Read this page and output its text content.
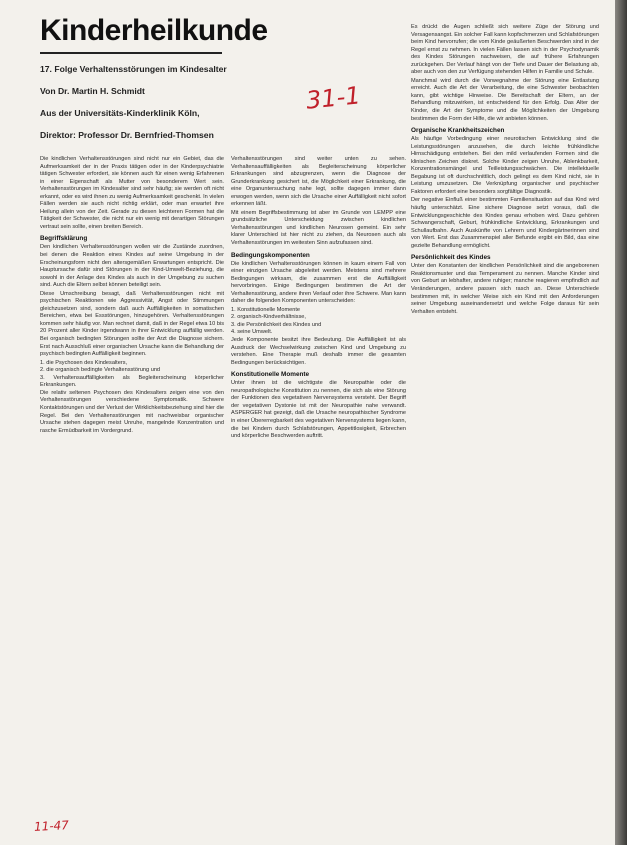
Kinderheilkunde
17. Folge Verhaltensstörungen im Kindesalter
Von Dr. Martin H. Schmidt
Aus der Universitäts-Kinderklinik Köln,
Direktor: Professor Dr. Bernfried-Thomsen
31-1
11-47

Die kindlichen Verhaltensstörungen sind nicht nur ein Gebiet, das die Aufmerksamkeit der in der Praxis tätigen oder in der Kinderpsychiatrie tätigen Schwester erfordert, sie können auch für einen wenig Erfahrenen in einer Eigenschaft als Mutter von besonderem Wert sein. Verhaltensstörungen im Kindesalter sind sehr häufig; sie werden oft nicht erkannt, oder es wird ihnen zu wenig Aufmerksamkeit geschenkt. In vielen Fällen werden sie auch nicht richtig erklärt, oder man erwartet ihre Heilung allein von der Zeit. Gerade zu diesen leichteren Formen hat die Tätigkeit der Schwester, die nicht nur ein wenig mit derartigen Störungen vertraut sein sollte, einen breiten Bereich.

Begriffsklärung

Den kindlichen Verhaltensstörungen wollen wir die Zustände zuordnen, bei denen die Reaktion eines Kindes auf seine Umgebung in der Erscheinungsform nicht den altersgemäßen Erwartungen entspricht. Die Hauptursache dafür sind Störungen in der Kind-Umwelt-Beziehung, die sowohl in der Anlage des Kindes als auch in der Umgebung zu suchen sind. Auch die Eltern selbst können beteiligt sein.

Diese Umschreibung besagt, daß Verhaltensstörungen nicht mit psychischen Reaktionen wie Aggressivität, Angst oder Stimmungen gleichzusetzen sind, sondern daß auch Auffälligkeiten in somatischen Bereichen, etwa bei Essstörungen, hinzugehören. Verhaltensstörungen kommen sehr häufig vor. Man rechnet damit, daß in der Regel etwa 10 bis 20 Prozent aller Kinder irgendwann in ihrer Entwicklung auffällig werden. Bei organisch bedingten Störungen sollte der Arzt die Diagnose sichern. Erst nach Ausschluß einer organischen Ursache kann die Behandlung der psychisch bedingten Auffälligkeit beginnen.

1. die Psychosen des Kindesalters,
2. die organisch bedingte Verhaltensstörung und
3. Verhaltensauffälligkeiten als Begleiterscheinung körperlicher Erkrankungen.

Die relativ seltenen Psychosen des Kindesalters zeigen eine von den Verhaltensstörungen verschiedene Symptomatik. Schwere Kontaktstörungen und der Verlust der Wirklichkeitsbeziehung sind hier die Regel. Bei den Verhaltensstörungen mit nachweisbar organischer Ursache stehen dagegen meist Unruhe, mangelnde Konzentration und rasche Ermüdbarkeit im Vordergrund.

Verhaltensstörungen sind weiter unten zu sehen. Verhaltensauffälligkeiten als Begleiterscheinung körperlicher Erkrankungen sind abzugrenzen, wenn die Diagnose der Grunderkrankung gesichert ist, die Möglichkeit einer Erkrankung, die eine Organuntersuchung nahe legt, sollte dagegen immer dann erwogen werden, wenn sich die Ursache einer Auffälligkeit nicht sofort erkennen läßt.

Mit einem Begriffsbestimmung ist aber im Grunde von LEMPP eine grundsätzliche Unterscheidung zwischen kindlichen Verhaltensstörungen und kindlichen Neurosen gemeint. Ein sehr klarer Unterschied ist hier nicht zu ziehen, da Neurosen auch als Verhaltensstörungen im weitesten Sinn aufzufassen sind.

Bedingungskomponenten

Die kindlichen Verhaltensstörungen können in kaum einem Fall von einer einzigen Ursache abgeleitet werden. Meistens sind mehrere Bedingungen wirksam, die zusammen erst die Auffälligkeit hervorbringen. Einige Bedingungen bestimmen die Art der Verhaltensstörung, andere ihren Verlauf oder ihre Schwere. Man kann daher die folgenden Komponenten unterscheiden:

1. Konstitutionelle Momente
2. organisch-Kindverhältnisse,
3. die Persönlichkeit des Kindes und
4. seine Umwelt.

Jede Komponente besitzt ihre Bedeutung. Die Auffälligkeit ist als Ausdruck der Wechselwirkung zwischen Kind und Umgebung zu verstehen. Eine Therapie muß deshalb immer die gesamten Bedingungen berücksichtigen.

Konstitutionelle Momente

Unter ihnen ist die wichtigste die Neuropathie oder die neuropathologische Konstitution zu nennen, die sich als eine Störung der Funktionen des vegetativen Nervensystems versteht. Der Begriff der vegetativen Dystonie ist mit der Neuropathie nahe verwandt. ASPERGER hat gezeigt, daß die Ursache neuropathischer Syndrome in einer Übererregbarkeit des vegetativen Nervensystems liegen kann, die bei Kindern durch Schlafstörungen, Appetitlosigkeit, Erbrechen und körperliche Beschwerden auftritt.

Es drückt die Augen schließt sich weitere Züge der Störung und Versagensangst. Ein solcher Fall kann kopfschmerzen und Schlafstörungen beim Kind hervorrufen; die vom Kinde geäußerten Beschwerden sind in der Regel ernst zu nehmen. In vielen Fällen lassen sich in der Psychodynamik des Kindes Störungen nachweisen, die auf frühere Erfahrungen zurückgehen. Der Verlauf hängt von der Tiefe und Dauer der Belastung ab, aber auch von den zur Verfügung stehenden Hilfen in Familie und Schule.

Manchmal wird durch die Vorwegnahme der Störung eine Entlastung erreicht. Auch die Art der Verarbeitung, die eine Schwester beobachten kann, gibt wichtige Hinweise. Die Bereitschaft der Eltern, an der Behandlung mitzuwirken, ist entscheidend für den Erfolg. Das Alter der Kinder, die Art der Symptome und die Möglichkeiten der Umgebung bestimmen die Form der Hilfe, die wir anbieten können.

Organische Krankheitszeichen

Als häufige Vorbedingung einer neurotischen Entwicklung sind die Leistungsstörungen anzusehen, die durch leichte frühkindliche Hirnschädigung entstehen. Bei den mild verlaufenden Formen sind die klinischen Zeichen diskret. Solche Kinder zeigen Unruhe, Ablenkbarkeit, Konzentrationsmängel und Teilleistungsschwächen. Die intellektuelle Begabung ist oft durchschnittlich, doch gelingt es dem Kind nicht, sie in Leistung umzusetzen. Die Verknüpfung organischer und psychischer Faktoren erfordert eine besonders sorgfältige Diagnostik.

Der negative Einfluß einer bestimmten Familiensituation auf das Kind wird häufig unterschätzt. Eine sichere Diagnose setzt voraus, daß die Entwicklungsgeschichte des Kindes genau erhoben wird. Dazu gehören Schwangerschaft, Geburt, frühkindliche Entwicklung, Erkrankungen und Schullaufbahn. Auch Auskünfte von Lehrern und Kindergärtnerinnen sind von Wert. Erst das Zusammenspiel aller Befunde ergibt ein Bild, das eine gezielte Behandlung ermöglicht.

Persönlichkeit des Kindes

Unter den Konstanten der kindlichen Persönlichkeit sind die angeborenen Reaktionsmuster und das Temperament zu nennen. Manche Kinder sind von Geburt an lebhafter, andere ruhiger; manche reagieren empfindlich auf Veränderungen, andere passen sich rasch an. Diese Unterschiede bestimmen mit, in welcher Weise sich ein Kind mit den Anforderungen seiner Umgebung auseinandersetzt und welche Folge daraus für sein Verhalten entsteht.
